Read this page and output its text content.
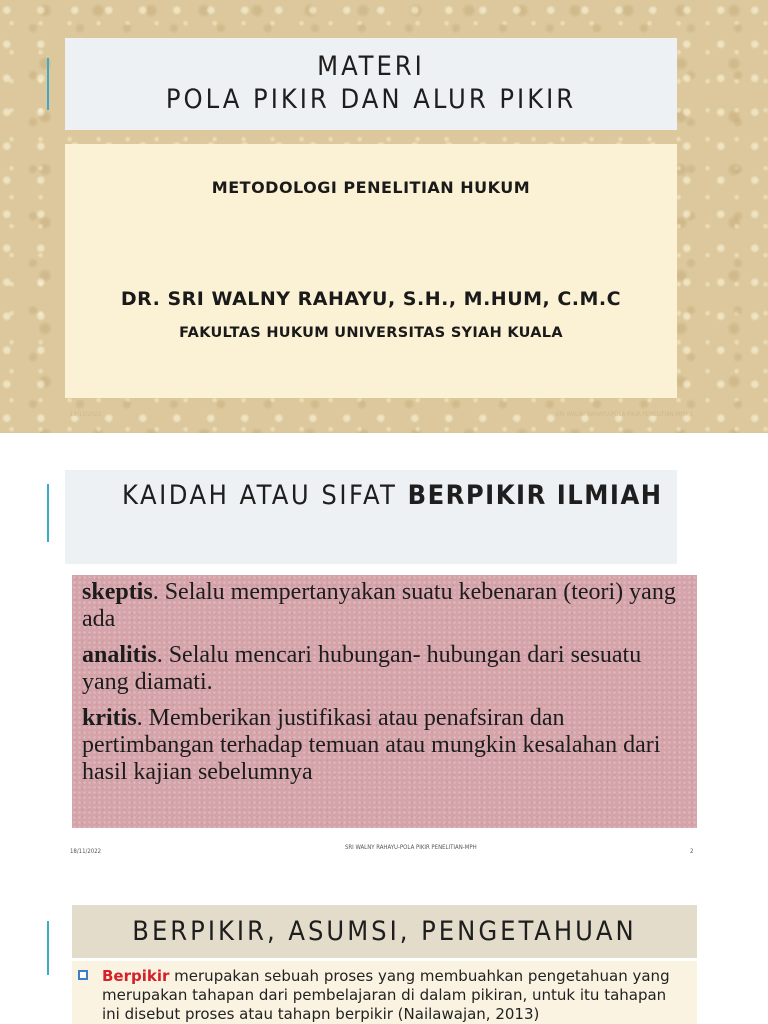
MATERI
POLA PIKIR DAN ALUR PIKIR
METODOLOGI PENELITIAN HUKUM
DR. SRI WALNY RAHAYU, S.H., M.HUM, C.M.C
FAKULTAS HUKUM UNIVERSITAS SYIAH KUALA
18/11/2022	SRI WALNY RAHAYU-POLA PIKIR PENELITIAN-MPH 1
KAIDAH ATAU SIFAT BERPIKIR ILMIAH

skeptis. Selalu mempertanyakan suatu kebenaran (teori) yang ada

analitis. Selalu mencari hubungan- hubungan dari sesuatu yang diamati.

kritis. Memberikan justifikasi atau penafsiran dan pertimbangan terhadap temuan atau mungkin kesalahan dari hasil kajian sebelumnya

18/11/2022
SRI WALNY RAHAYU-POLA PIKIR PENELITIAN-MPH
2
BERPIKIR, ASUMSI, PENGETAHUAN
Berpikir merupakan sebuah proses yang membuahkan pengetahuan yang merupakan tahapan dari pembelajaran di dalam pikiran, untuk itu tahapan ini disebut proses atau tahapn berpikir (Nailawajan, 2013)
